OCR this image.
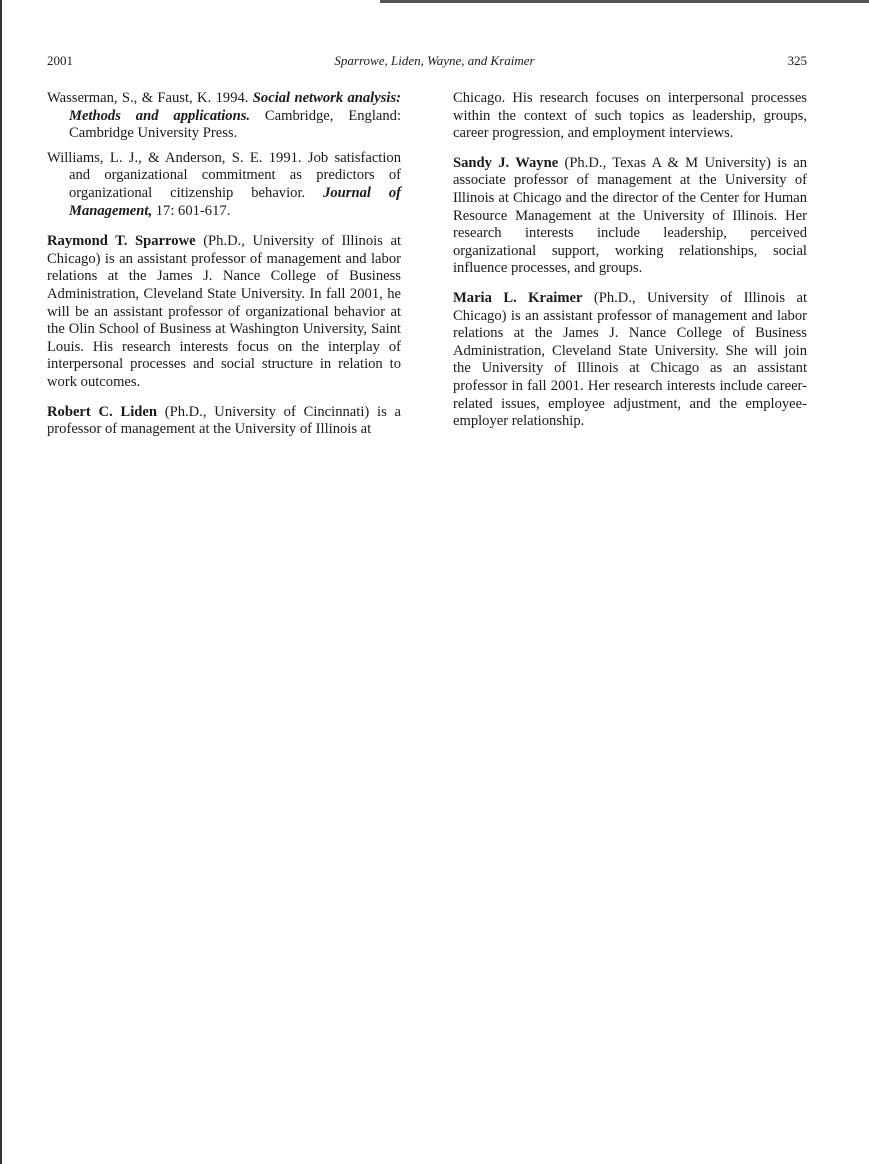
Sparrowe, Liden, Wayne, and Kraimer
2001	325

Wasserman, S., & Faust, K. 1994. Social network analysis: Methods and applications. Cambridge, England: Cambridge University Press.

Williams, L. J., & Anderson, S. E. 1991. Job satisfaction and organizational commitment as predictors of organizational citizenship behavior. Journal of Management, 17: 601-617.

Raymond T. Sparrowe (Ph.D., University of Illinois at Chicago) is an assistant professor of management and labor relations at the James J. Nance College of Business Administration, Cleveland State University. In fall 2001, he will be an assistant professor of organizational behavior at the Olin School of Business at Washington University, Saint Louis. His research interests focus on the interplay of interpersonal processes and social structure in relation to work outcomes.

Robert C. Liden (Ph.D., University of Cincinnati) is a professor of management at the University of Illinois at

Chicago. His research focuses on interpersonal processes within the context of such topics as leadership, groups, career progression, and employment interviews.

Sandy J. Wayne (Ph.D., Texas A & M University) is an associate professor of management at the University of Illinois at Chicago and the director of the Center for Human Resource Management at the University of Illinois. Her research interests include leadership, perceived organizational support, working relationships, social influence processes, and groups.

Maria L. Kraimer (Ph.D., University of Illinois at Chicago) is an assistant professor of management and labor relations at the James J. Nance College of Business Administration, Cleveland State University. She will join the University of Illinois at Chicago as an assistant professor in fall 2001. Her research interests include career-related issues, employee adjustment, and the employee-employer relationship.
